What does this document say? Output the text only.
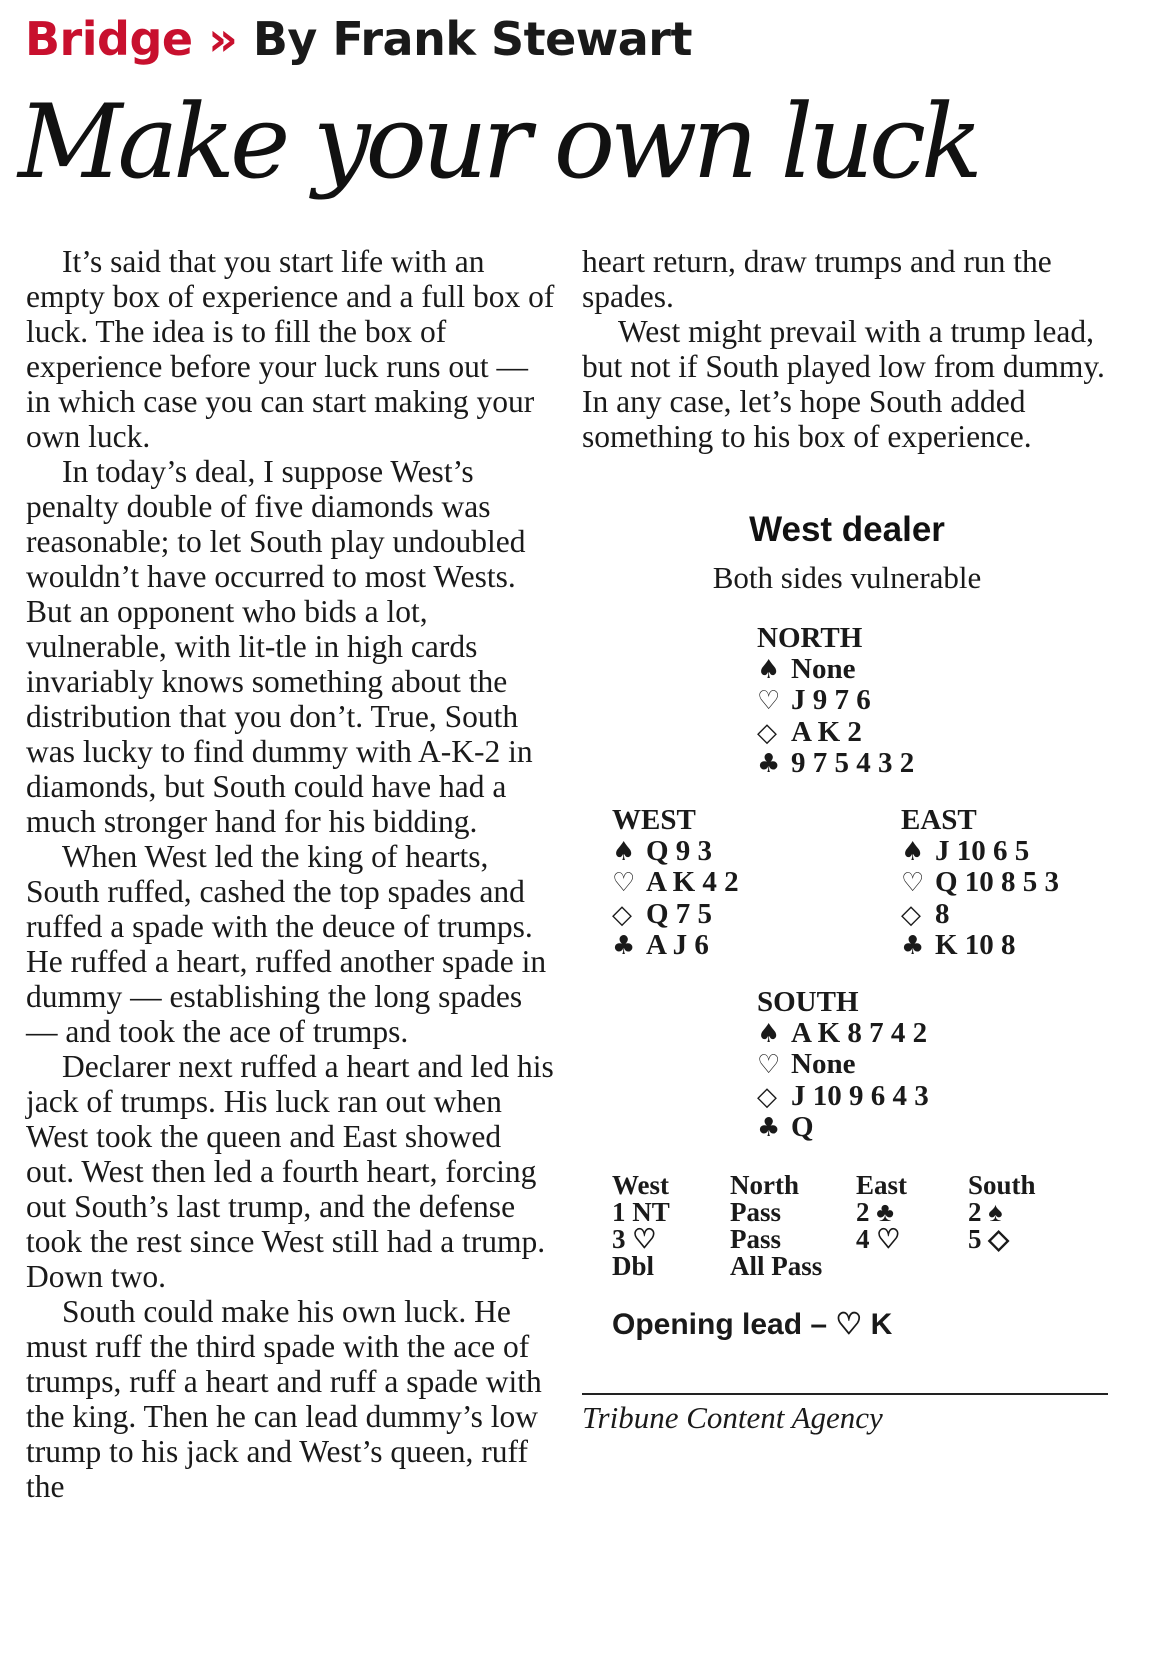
Bridge » By Frank Stewart
Make your own luck

It’s said that you start life with an empty box of experience and a full box of luck. The idea is to fill the box of experience before your luck runs out — in which case you can start making your own luck.

In today’s deal, I suppose West’s penalty double of five diamonds was reasonable; to let South play undoubled wouldn’t have occurred to most Wests. But an opponent who bids a lot, vulnerable, with lit-tle in high cards invariably knows something about the distribution that you don’t. True, South was lucky to find dummy with A-K-2 in diamonds, but South could have had a much stronger hand for his bidding.

When West led the king of hearts, South ruffed, cashed the top spades and ruffed a spade with the deuce of trumps. He ruffed a heart, ruffed another spade in dummy — establishing the long spades — and took the ace of trumps.

Declarer next ruffed a heart and led his jack of trumps. His luck ran out when West took the queen and East showed out. West then led a fourth heart, forcing out South’s last trump, and the defense took the rest since West still had a trump. Down two.

South could make his own luck. He must ruff the third spade with the ace of trumps, ruff a heart and ruff a spade with the king. Then he can lead dummy’s low trump to his jack and West’s queen, ruff the

heart return, draw trumps and run the spades.

West might prevail with a trump lead, but not if South played low from dummy. In any case, let’s hope South added something to his box of experience.

West dealer
Both sides vulnerable
NORTH
♠ None
♡ J 9 7 6
◇ A K 2
♣ 9 7 5 4 3 2
WEST
♠ Q 9 3
♡ A K 4 2
◇ Q 7 5
♣ A J 6
EAST
♠ J 10 6 5
♡ Q 10 8 5 3
◇ 8
♣ K 10 8
SOUTH
♠ A K 8 7 4 2
♡ None
◇ J 10 9 6 4 3
♣ Q
West
1 NT
3 ♡
Dbl
North
Pass
Pass
All Pass
East
2 ♣
4 ♡
South
2 ♠
5 ◇
Opening lead – ♡ K
Tribune Content Agency
